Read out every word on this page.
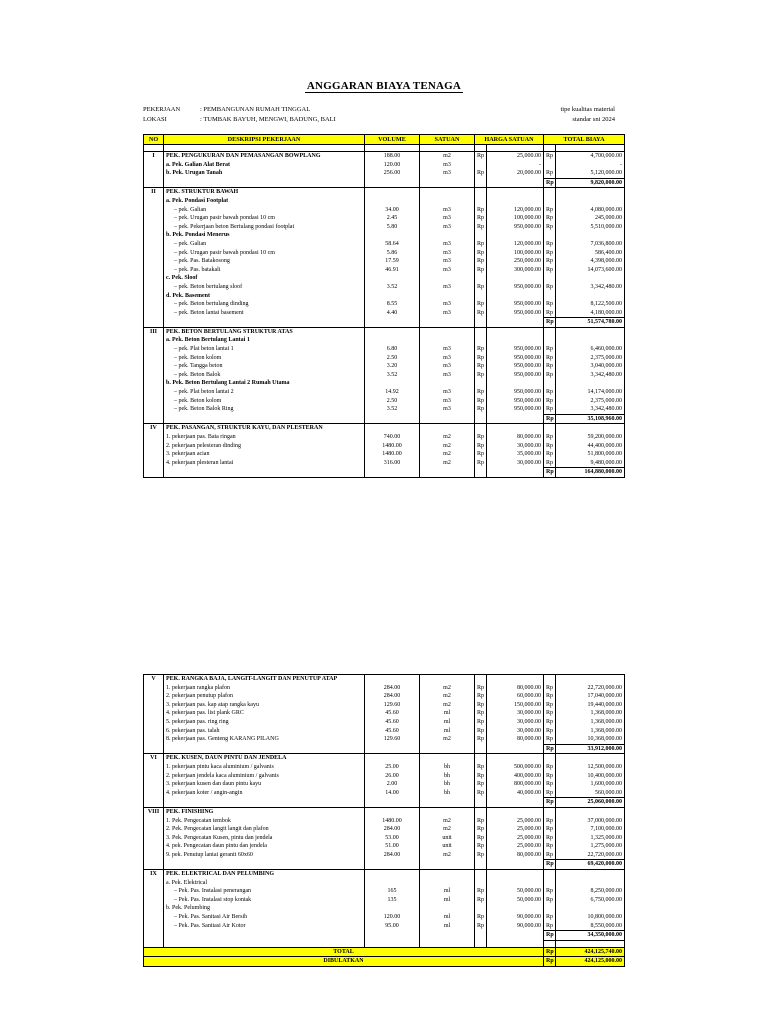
ANGGARAN BIAYA TENAGA
PEKERJAAN	: PEMBANGUNAN RUMAH TINGGAL
LOKASI	: TUMBAK BAYUH, MENGWI, BADUNG, BALI
tipe kualitas material
standar sni 2024
NO	DESKRIPSI PEKERJAAN	VOLUME	SATUAN	HARGA SATUAN		TOTAL BIAYA	

I	PEK. PENGUKURAN DAN PEMASANGAN BOWPLANG	188.00	m2	Rp	25,000.00	Rp	4,700,000.00
	a. Pek. Galian Alat Berat	120.00	m3		-		-
	b. Pek. Urugan Tanah	256.00	m3	Rp	20,000.00	Rp	5,120,000.00
						Rp	9,820,000.00
II	PEK. STRUKTUR BAWAH						
	a. Pek. Pondasi Footplat						
	– pek. Galian	34.00	m3	Rp	120,000.00	Rp	4,080,000.00
	– pek. Urugan pasir bawah pondasi 10 cm	2.45	m3	Rp	100,000.00	Rp	245,000.00
	– pek. Pekerjaan beton Bertulang pondasi footplat	5.80	m3	Rp	950,000.00	Rp	5,510,000.00
	b. Pek. Pondasi Menerus						
	– pek. Galian	58.64	m3	Rp	120,000.00	Rp	7,036,800.00
	– pek. Urugan pasir bawah pondasi 10 cm	5.86	m3	Rp	100,000.00	Rp	586,400.00
	– pek. Pas. Batakosong	17.59	m3	Rp	250,000.00	Rp	4,398,000.00
	– pek. Pas. batakali	46.91	m3	Rp	300,000.00	Rp	14,073,600.00
	c. Pek. Sloof						
	– pek. Beton bertulang sloof	3.52	m3	Rp	950,000.00	Rp	3,342,480.00
	d. Pek. Basement						
	– pek. Beton bertulang dinding	8.55	m3	Rp	950,000.00	Rp	8,122,500.00
	– pek. Beton lantai basement	4.40	m3	Rp	950,000.00	Rp	4,180,000.00
						Rp	51,574,780.00
III	PEK. BETON BERTULANG STRUKTUR ATAS						
	a. Pek. Beton Bertulang Lantai 1						
	– pek. Plat beton lantai 1	6.80	m3	Rp	950,000.00	Rp	6,460,000.00
	– pek. Beton kolom	2.50	m3	Rp	950,000.00	Rp	2,375,000.00
	– pek. Tangga beton	3.20	m3	Rp	950,000.00	Rp	3,040,000.00
	– pek. Beton Balok	3.52	m3	Rp	950,000.00	Rp	3,342,480.00
	b. Pek. Beton Bertulang Lantai 2 Rumah Utama						
	– pek. Plat beton lantai 2	14.92	m3	Rp	950,000.00	Rp	14,174,000.00
	– pek. Beton kolom	2.50	m3	Rp	950,000.00	Rp	2,375,000.00
	– pek. Beton Balok Ring	3.52	m3	Rp	950,000.00	Rp	3,342,480.00
						Rp	35,108,960.00
IV	PEK. PASANGAN, STRUKTUR KAYU, DAN PLESTERAN						
	1. pekerjaan pas. Bata ringan	740.00	m2	Rp	80,000.00	Rp	59,200,000.00
	2. pekerjaan pelesteran dinding	1480.00	m2	Rp	30,000.00	Rp	44,400,000.00
	3. pekerjaan acian	1480.00	m2	Rp	35,000.00	Rp	51,800,000.00
	4. pekerjaan plesteran lantai	316.00	m2	Rp	30,000.00	Rp	9,480,000.00
						Rp	164,880,000.00
V	PEK. RANGKA BAJA, LANGIT-LANGIT DAN PENUTUP ATAP						
	1. pekerjaan rangka plafon	284.00	m2	Rp	80,000.00	Rp	22,720,000.00
	2. pekerjaan penutup plafon	284.00	m2	Rp	60,000.00	Rp	17,040,000.00
	3. pekerjaan pas. kap atap rangka kayu	129.60	m2	Rp	150,000.00	Rp	19,440,000.00
	4. pekerjaan pas. list plank GRC	45.60	ml	Rp	30,000.00	Rp	1,368,000.00
	5. pekerjaan pas. ring ring	45.60	ml	Rp	30,000.00	Rp	1,368,000.00
	6. pekerjaan pas. talah	45.60	ml	Rp	30,000.00	Rp	1,368,000.00
	8. pekerjaan pas. Genteng KARANG PILANG	129.60	m2	Rp	80,000.00	Rp	10,368,000.00
						Rp	33,912,000.00
VI	PEK. KUSEN, DAUN PINTU DAN JENDELA						
	1. pekerjaan pintu kaca aluminium / galvanis	25.00	bh	Rp	500,000.00	Rp	12,500,000.00
	2. pekerjaan jendela kaca aluminium / galvanis	26.00	bh	Rp	400,000.00	Rp	10,400,000.00
	3. pekerjaan kusen dan daun pintu kayu	2.00	bh	Rp	800,000.00	Rp	1,600,000.00
	4. pekerjaan koter / angin-angin	14.00	bh	Rp	40,000.00	Rp	560,000.00
						Rp	25,060,000.00
VIII	PEK. FINISHING						
	1. Pek. Pengecatan tembok	1480.00	m2	Rp	25,000.00	Rp	37,000,000.00
	2. Pek. Pengecatan langit langit dan plafon	284.00	m2	Rp	25,000.00	Rp	7,100,000.00
	3. Pek. Pengecatan Kusen, pintu dan jendela	53.00	unit	Rp	25,000.00	Rp	1,325,000.00
	4. pek. Pengecatan daun pintu dan jendela	51.00	unit	Rp	25,000.00	Rp	1,275,000.00
	9. pek. Penutup lantai geranit 60x60	284.00	m2	Rp	80,000.00	Rp	22,720,000.00
						Rp	69,420,000.00
IX	PEK. ELEKTRICAL DAN PELUMBING						
	a. Pek. Elektrical						
	– Pek. Pas. Instalasi penerangan	165	ml	Rp	50,000.00	Rp	8,250,000.00
	– Pek. Pas. Instalasi stop kontak	135	ml	Rp	50,000.00	Rp	6,750,000.00
	b. Pek. Pelumbing						
	– Pek. Pas. Sanitasi Air Bersih	120.00	ml	Rp	90,000.00	Rp	10,800,000.00
	– Pek. Pas. Sanitasi Air Kotor	95.00	ml	Rp	90,000.00	Rp	8,550,000.00
						Rp	34,350,000.00

TOTAL						Rp	424,125,740.00
DIBULATKAN						Rp	424,125,000.00
